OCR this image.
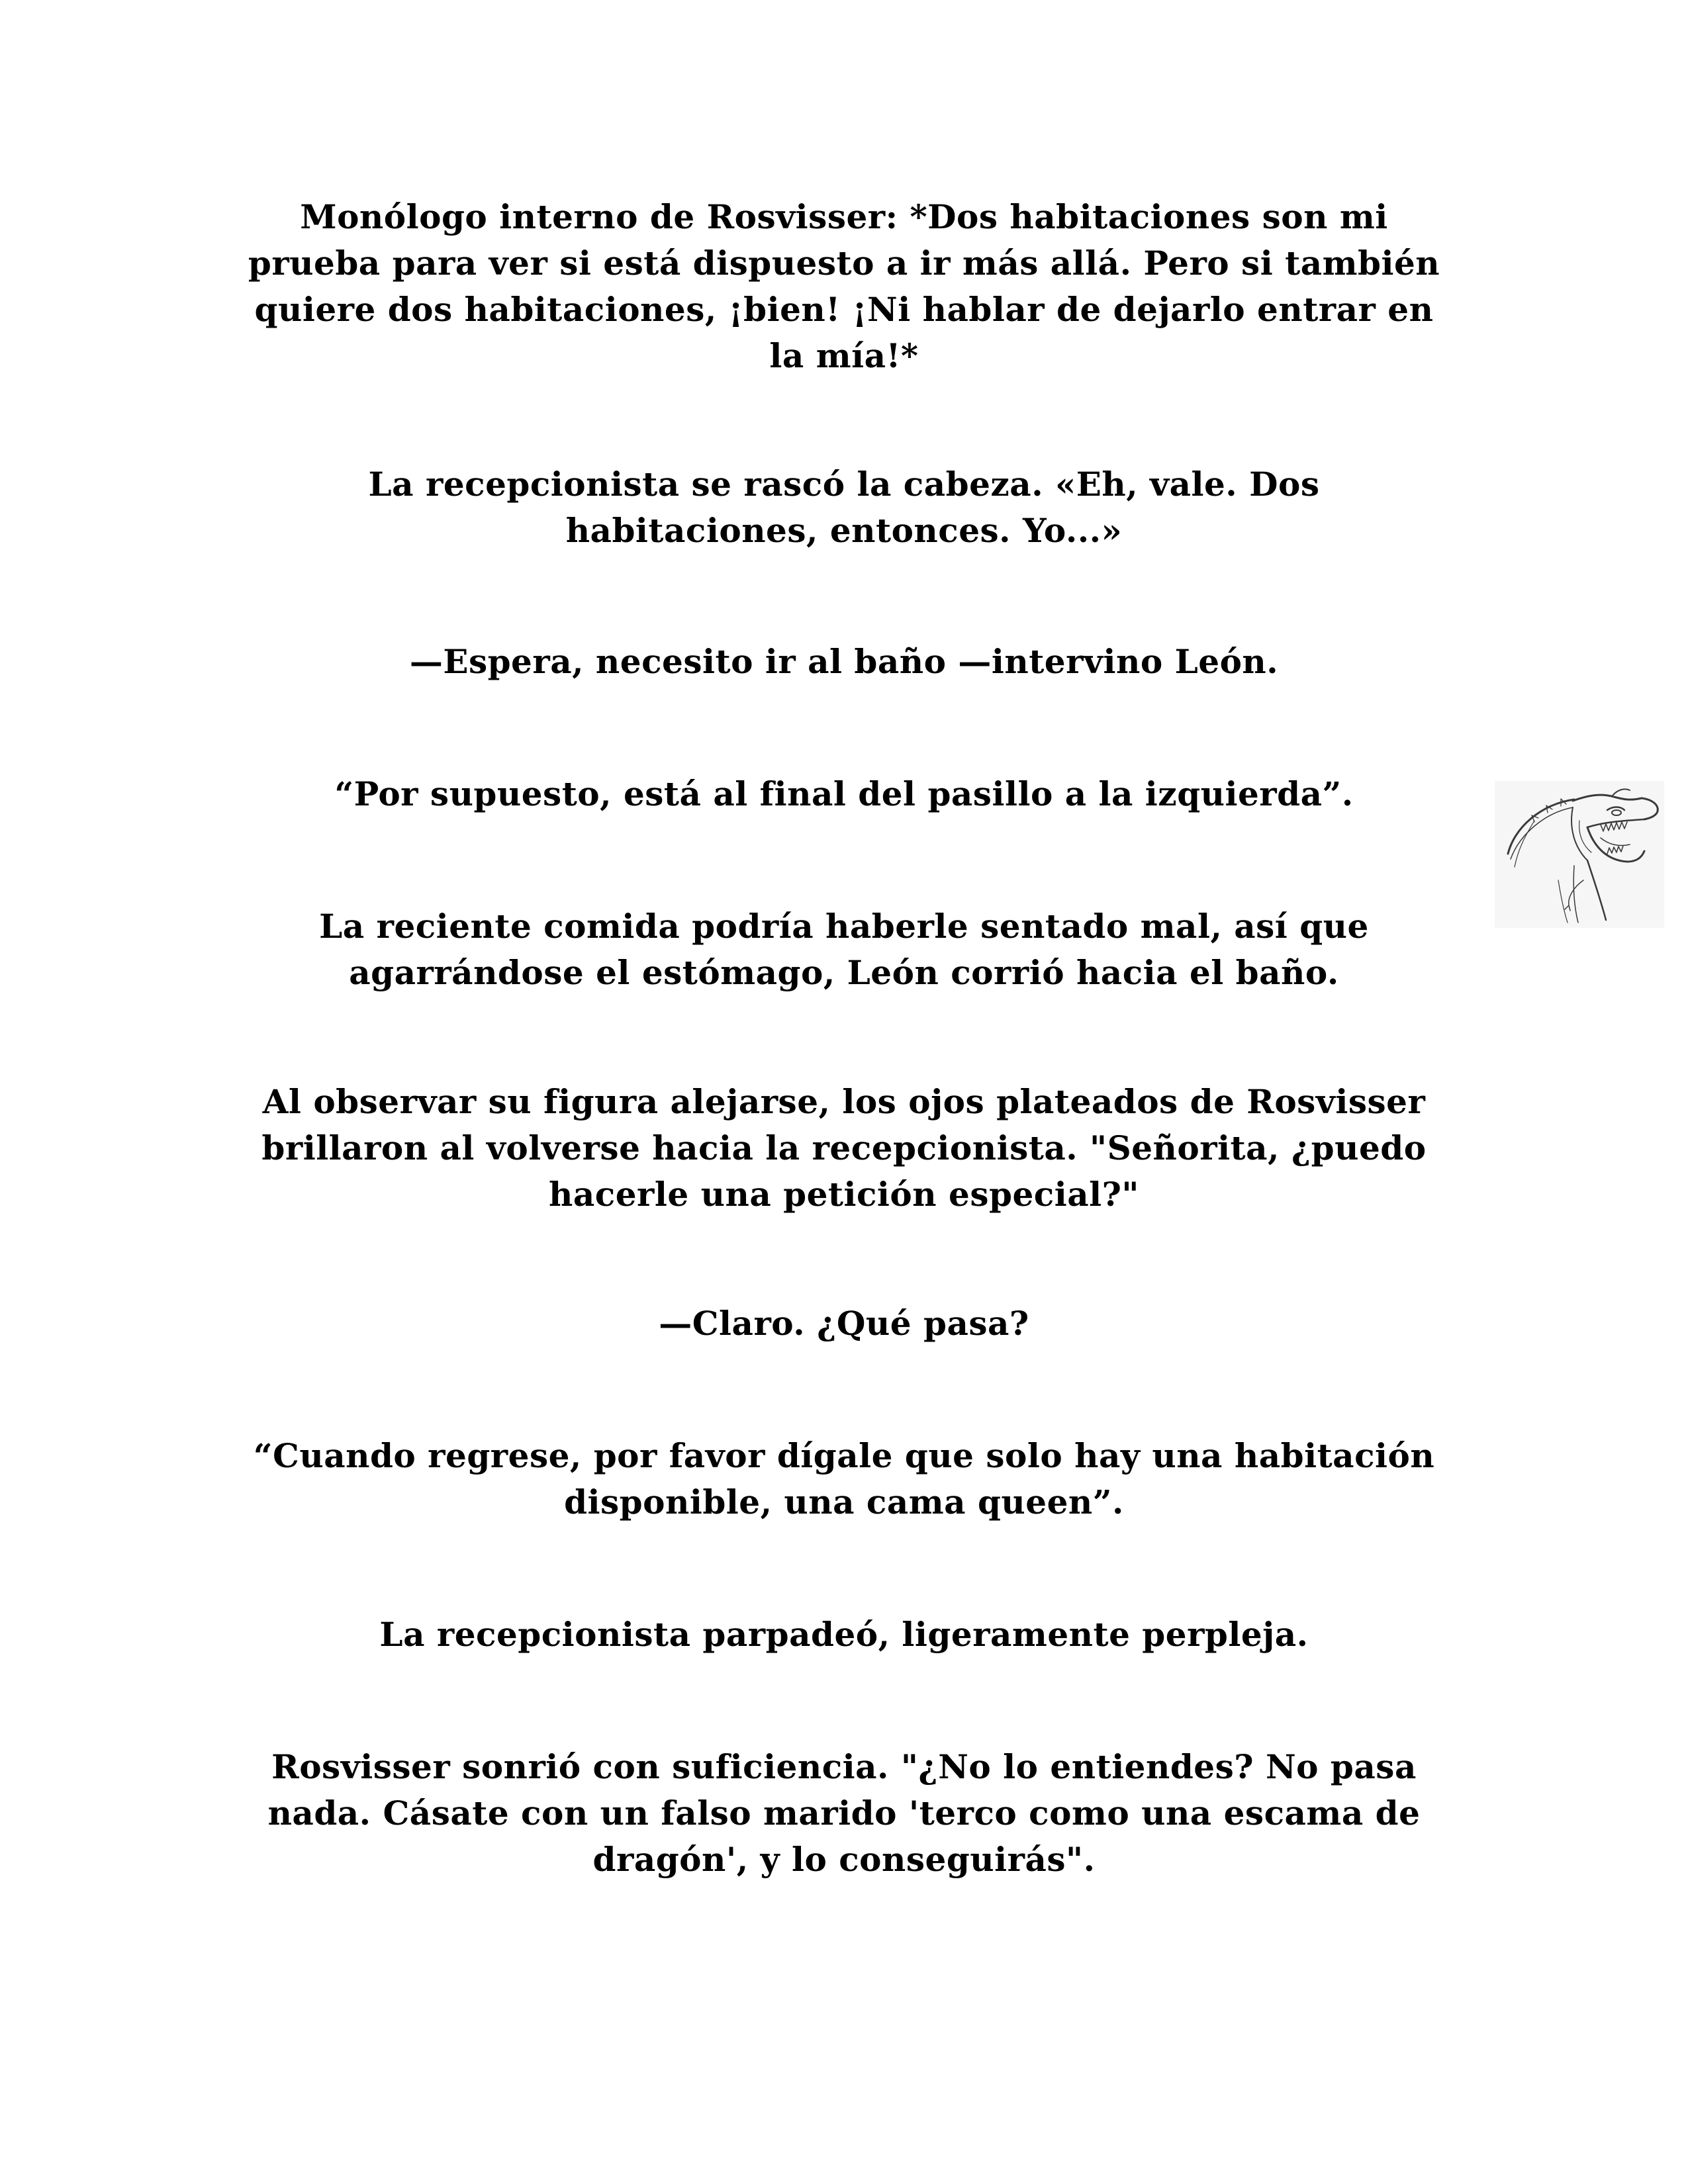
Monólogo interno de Rosvisser: *Dos habitaciones son mi
prueba para ver si está dispuesto a ir más allá. Pero si también
quiere dos habitaciones, ¡bien! ¡Ni hablar de dejarlo entrar en
la mía!*
La recepcionista se rascó la cabeza. «Eh, vale. Dos
habitaciones, entonces. Yo...»
—Espera, necesito ir al baño —intervino León.
“Por supuesto, está al final del pasillo a la izquierda”.
La reciente comida podría haberle sentado mal, así que
agarrándose el estómago, León corrió hacia el baño.
Al observar su figura alejarse, los ojos plateados de Rosvisser
brillaron al volverse hacia la recepcionista. "Señorita, ¿puedo
hacerle una petición especial?"
—Claro. ¿Qué pasa?
“Cuando regrese, por favor dígale que solo hay una habitación
disponible, una cama queen”.
La recepcionista parpadeó, ligeramente perpleja.
Rosvisser sonrió con suficiencia. "¿No lo entiendes? No pasa
nada. Cásate con un falso marido 'terco como una escama de
dragón', y lo conseguirás".
